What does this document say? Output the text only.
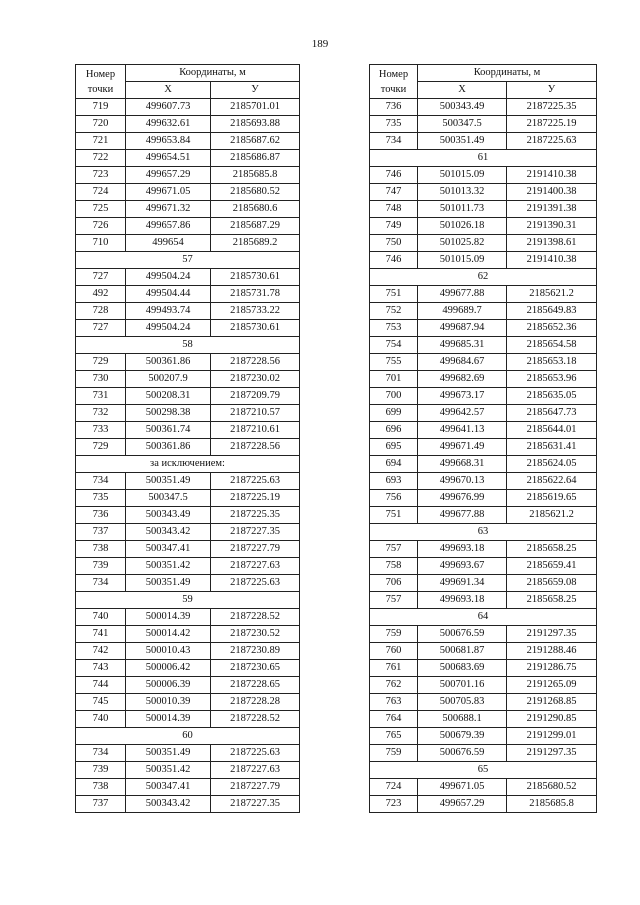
189
Номер точки	Координаты, м	
	X	У
719	499607.73	2185701.01
720	499632.61	2185693.88
721	499653.84	2185687.62
722	499654.51	2185686.87
723	499657.29	2185685.8
724	499671.05	2185680.52
725	499671.32	2185680.6
726	499657.86	2185687.29
710	499654	2185689.2
57		
727	499504.24	2185730.61
492	499504.44	2185731.78
728	499493.74	2185733.22
727	499504.24	2185730.61
58		
729	500361.86	2187228.56
730	500207.9	2187230.02
731	500208.31	2187209.79
732	500298.38	2187210.57
733	500361.74	2187210.61
729	500361.86	2187228.56
за исключением:		
734	500351.49	2187225.63
735	500347.5	2187225.19
736	500343.49	2187225.35
737	500343.42	2187227.35
738	500347.41	2187227.79
739	500351.42	2187227.63
734	500351.49	2187225.63
59		
740	500014.39	2187228.52
741	500014.42	2187230.52
742	500010.43	2187230.89
743	500006.42	2187230.65
744	500006.39	2187228.65
745	500010.39	2187228.28
740	500014.39	2187228.52
60		
734	500351.49	2187225.63
739	500351.42	2187227.63
738	500347.41	2187227.79
737	500343.42	2187227.35
Номер точки	Координаты, м	
	X	У
736	500343.49	2187225.35
735	500347.5	2187225.19
734	500351.49	2187225.63
61		
746	501015.09	2191410.38
747	501013.32	2191400.38
748	501011.73	2191391.38
749	501026.18	2191390.31
750	501025.82	2191398.61
746	501015.09	2191410.38
62		
751	499677.88	2185621.2
752	499689.7	2185649.83
753	499687.94	2185652.36
754	499685.31	2185654.58
755	499684.67	2185653.18
701	499682.69	2185653.96
700	499673.17	2185635.05
699	499642.57	2185647.73
696	499641.13	2185644.01
695	499671.49	2185631.41
694	499668.31	2185624.05
693	499670.13	2185622.64
756	499676.99	2185619.65
751	499677.88	2185621.2
63		
757	499693.18	2185658.25
758	499693.67	2185659.41
706	499691.34	2185659.08
757	499693.18	2185658.25
64		
759	500676.59	2191297.35
760	500681.87	2191288.46
761	500683.69	2191286.75
762	500701.16	2191265.09
763	500705.83	2191268.85
764	500688.1	2191290.85
765	500679.39	2191299.01
759	500676.59	2191297.35
65		
724	499671.05	2185680.52
723	499657.29	2185685.8
